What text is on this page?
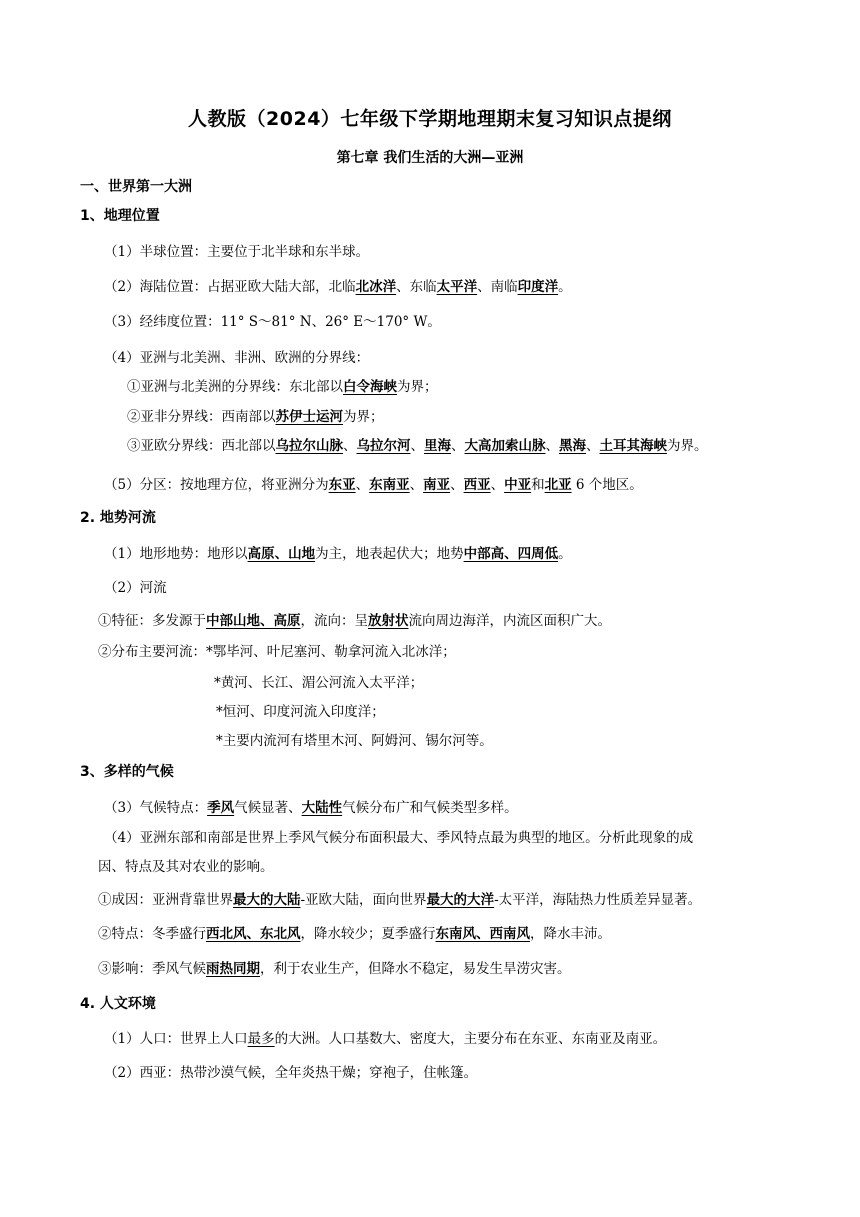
人教版（2024）七年级下学期地理期末复习知识点提纲
第七章 我们生活的大洲—亚洲
一、世界第一大洲
1、地理位置
（1）半球位置：主要位于北半球和东半球。
（2）海陆位置：占据亚欧大陆大部，北临北冰洋、东临太平洋、南临印度洋。
（3）经纬度位置：11° S～81° N、26° E～170° W。
（4）亚洲与北美洲、非洲、欧洲的分界线：
①亚洲与北美洲的分界线：东北部以白令海峡为界；
②亚非分界线：西南部以苏伊士运河为界；
③亚欧分界线：西北部以乌拉尔山脉、乌拉尔河、里海、大高加索山脉、黑海、土耳其海峡为界。
（5）分区：按地理方位，将亚洲分为东亚、东南亚、南亚、西亚、中亚和北亚 6 个地区。
2. 地势河流
（1）地形地势：地形以高原、山地为主，地表起伏大；地势中部高、四周低。
（2）河流
①特征：多发源于中部山地、高原，流向：呈放射状流向周边海洋，内流区面积广大。
②分布主要河流：*鄂毕河、叶尼塞河、勒拿河流入北冰洋；
*黄河、长江、湄公河流入太平洋；
*恒河、印度河流入印度洋；
*主要内流河有塔里木河、阿姆河、锡尔河等。
3、多样的气候
（3）气候特点：季风气候显著、大陆性气候分布广和气候类型多样。
（4）亚洲东部和南部是世界上季风气候分布面积最大、季风特点最为典型的地区。分析此现象的成
因、特点及其对农业的影响。
①成因：亚洲背靠世界最大的大陆-亚欧大陆，面向世界最大的大洋-太平洋，海陆热力性质差异显著。
②特点：冬季盛行西北风、东北风，降水较少；夏季盛行东南风、西南风，降水丰沛。
③影响：季风气候雨热同期，利于农业生产，但降水不稳定，易发生旱涝灾害。
4. 人文环境
（1）人口：世界上人口最多的大洲。人口基数大、密度大，主要分布在东亚、东南亚及南亚。
（2）西亚：热带沙漠气候，全年炎热干燥；穿袍子，住帐篷。
